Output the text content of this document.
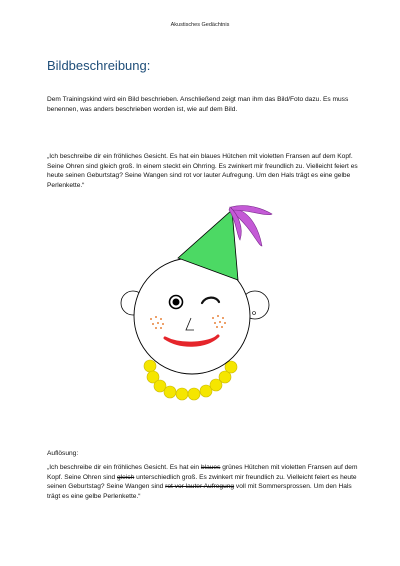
Akustisches Gedächtnis
Bildbeschreibung:

Dem Trainingskind wird ein Bild beschrieben. Anschließend zeigt man ihm das Bild/Foto dazu. Es muss benennen, was anders beschrieben worden ist, wie auf dem Bild.

„Ich beschreibe dir ein fröhliches Gesicht. Es hat ein blaues Hütchen mit violetten Fransen auf dem Kopf. Seine Ohren sind gleich groß. In einem steckt ein Ohrring. Es zwinkert mir freundlich zu. Vielleicht feiert es heute seinen Geburtstag? Seine Wangen sind rot vor lauter Aufregung. Um den Hals trägt es eine gelbe Perlenkette.“

Auflösung:

„Ich beschreibe dir ein fröhliches Gesicht. Es hat ein blaues grünes Hütchen mit violetten Fransen auf dem Kopf. Seine Ohren sind gleich unterschiedlich groß. Es zwinkert mir freundlich zu. Vielleicht feiert es heute seinen Geburtstag? Seine Wangen sind rot vor lauter Aufregung voll mit Sommersprossen. Um den Hals trägt es eine gelbe Perlenkette.“
